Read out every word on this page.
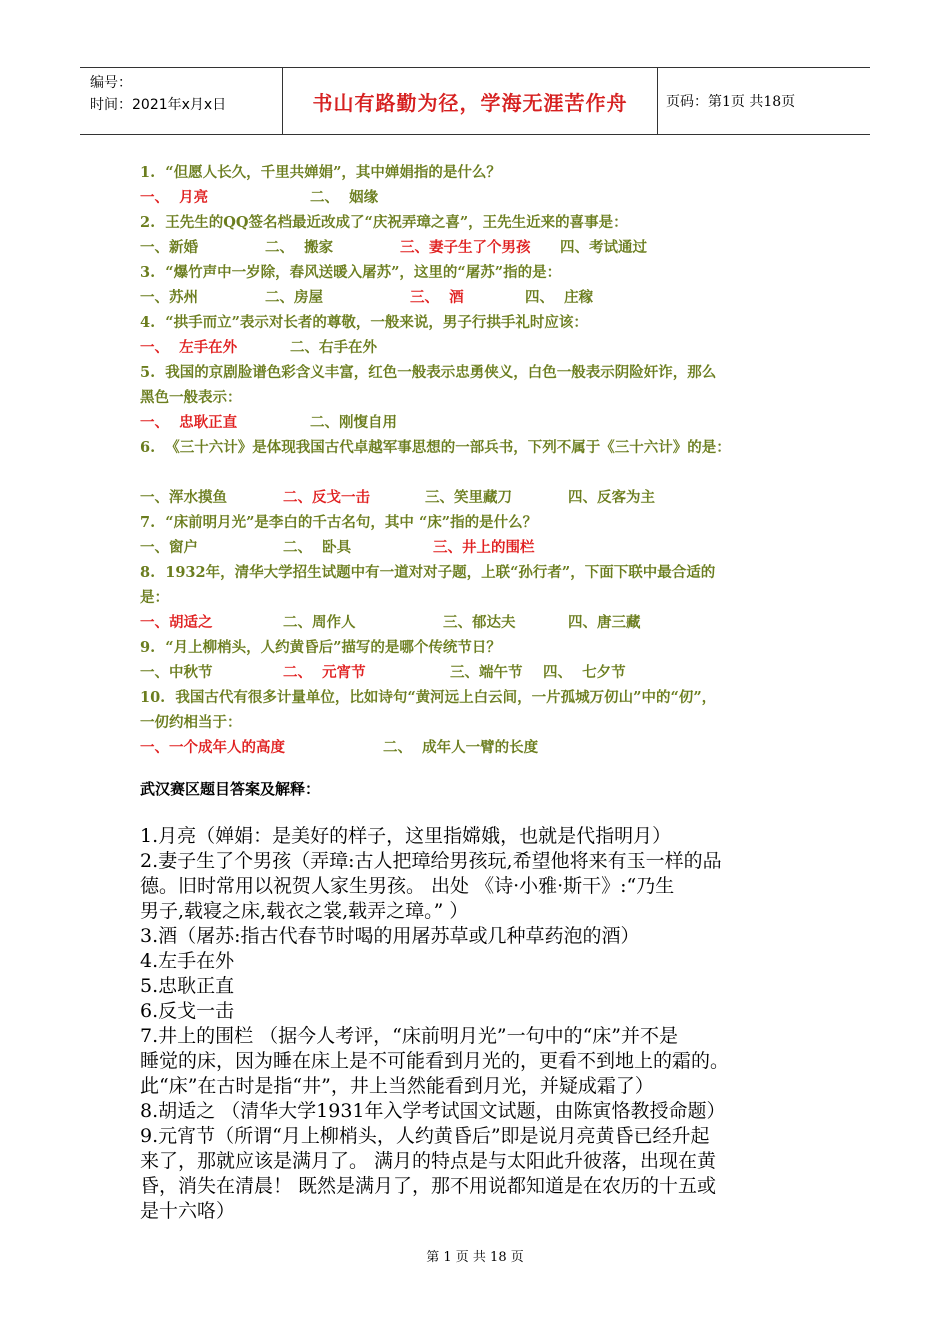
编号：
时间：2021年x月x日	书山有路勤为径，学海无涯苦作舟	页码：第1页 共18页
1.  “但愿人长久，千里共婵娟”，其中婵娟指的是什么？
一、  月亮	二、  姻缘
2.  王先生的QQ签名档最近改成了“庆祝弄璋之喜”，王先生近来的喜事是：
一、新婚	二、  搬家	三、妻子生了个男孩 四、考试通过
3.  “爆竹声中一岁除，春风送暖入屠苏”，这里的“屠苏”指的是：
一、苏州	二、房屋	三、  酒	四、  庄稼
4.  “拱手而立”表示对长者的尊敬，一般来说，男子行拱手礼时应该：
一、  左手在外	二、右手在外
5.  我国的京剧脸谱色彩含义丰富，红色一般表示忠勇侠义，白色一般表示阴险奸诈，那么
黑色一般表示：
一、  忠耿正直	二、刚愎自用
6.  《三十六计》是体现我国古代卓越军事思想的一部兵书，下列不属于《三十六计》的是：
一、浑水摸鱼	二、反戈一击	三、笑里藏刀	四、反客为主
7.  “床前明月光”是李白的千古名句，其中 “床”指的是什么？
一、窗户	二、  卧具	三、井上的围栏
8.  1932年，清华大学招生试题中有一道对对子题，上联“孙行者”，下面下联中最合适的
是：
一、胡适之	二、周作人	三、郁达夫	四、唐三藏
9.  “月上柳梢头，人约黄昏后”描写的是哪个传统节日？
一、中秋节	二、  元宵节	三、端午节 四、  七夕节
10.  我国古代有很多计量单位，比如诗句“黄河远上白云间，一片孤城万仞山”中的“仞”，
一仞约相当于：
一、一个成年人的高度	二、  成年人一臂的长度
武汉赛区题目答案及解释：

1.月亮（婵娟：是美好的样子，这里指嫦娥，也就是代指明月）

2.妻子生了个男孩（弄璋:古人把璋给男孩玩,希望他将来有玉一样的品

德。旧时常用以祝贺人家生男孩。 出处 《诗·小雅·斯干》:“乃生

男子,载寝之床,载衣之裳,载弄之璋。” ）

3.酒（屠苏:指古代春节时喝的用屠苏草或几种草药泡的酒）

4.左手在外

5.忠耿正直

6.反戈一击

7.井上的围栏 （据今人考评，“床前明月光”一句中的“床”并不是

睡觉的床，因为睡在床上是不可能看到月光的，更看不到地上的霜的。

此“床”在古时是指“井”，井上当然能看到月光，并疑成霜了）

8.胡适之 （清华大学1931年入学考试国文试题，由陈寅恪教授命题）

9.元宵节（所谓“月上柳梢头，人约黄昏后”即是说月亮黄昏已经升起

来了，那就应该是满月了。 满月的特点是与太阳此升彼落，出现在黄

昏，消失在清晨！ 既然是满月了，那不用说都知道是在农历的十五或

是十六咯）

第 1 页 共 18 页
